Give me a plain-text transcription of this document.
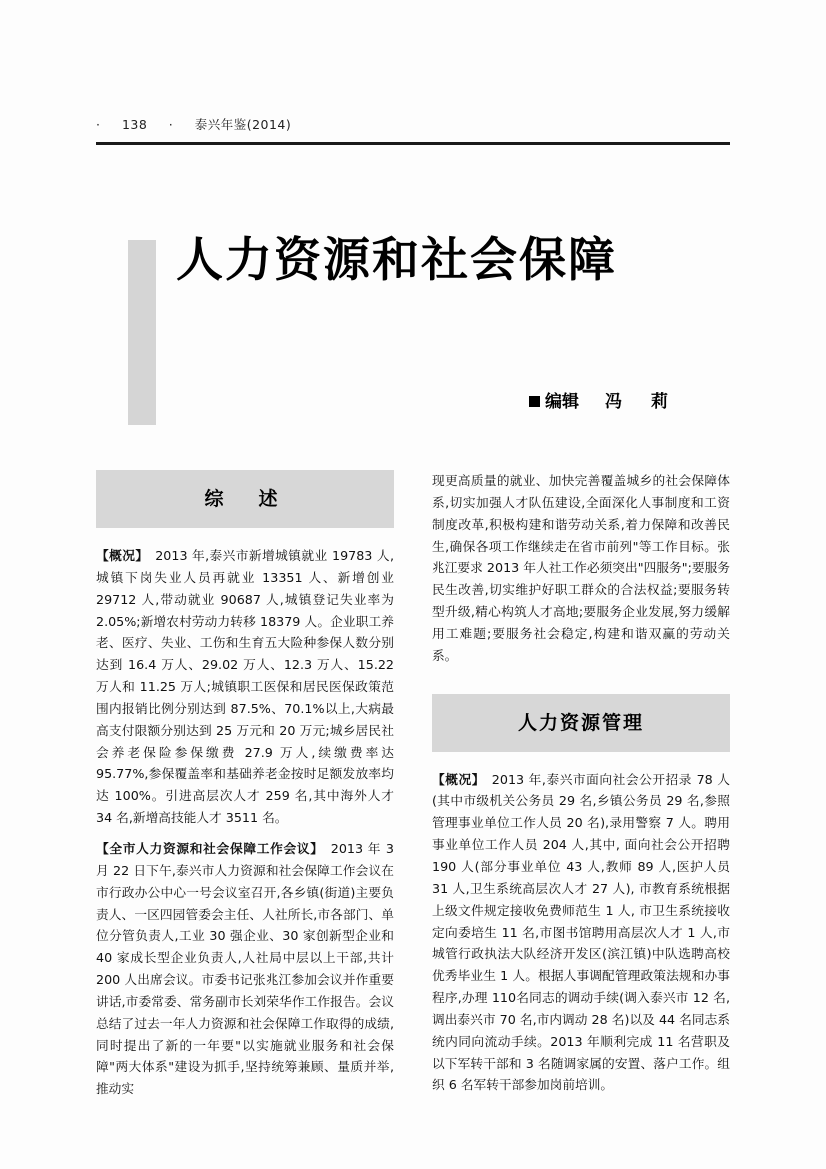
· 138 · 泰兴年鉴(2014)
人力资源和社会保障
编辑 冯　莉
综　述

【概况】　2013 年,泰兴市新增城镇就业 19783 人,城镇下岗失业人员再就业 13351 人、新增创业 29712 人,带动就业 90687 人,城镇登记失业率为 2.05%;新增农村劳动力转移 18379 人。企业职工养老、医疗、失业、工伤和生育五大险种参保人数分别达到 16.4 万人、29.02 万人、12.3 万人、15.22 万人和 11.25 万人;城镇职工医保和居民医保政策范围内报销比例分别达到 87.5%、70.1%以上,大病最高支付限额分别达到 25 万元和 20 万元;城乡居民社会养老保险参保缴费 27.9 万人,续缴费率达 95.77%,参保覆盖率和基础养老金按时足额发放率均达 100%。引进高层次人才 259 名,其中海外人才 34 名,新增高技能人才 3511 名。

【全市人力资源和社会保障工作会议】　2013 年 3 月 22 日下午,泰兴市人力资源和社会保障工作会议在市行政办公中心一号会议室召开,各乡镇(街道)主要负责人、一区四园管委会主任、人社所长,市各部门、单位分管负责人,工业 30 强企业、30 家创新型企业和 40 家成长型企业负责人,人社局中层以上干部,共计 200 人出席会议。市委书记张兆江参加会议并作重要讲话,市委常委、常务副市长刘荣华作工作报告。会议总结了过去一年人力资源和社会保障工作取得的成绩,同时提出了新的一年要"以实施就业服务和社会保障"两大体系"建设为抓手,坚持统筹兼顾、量质并举,推动实

现更高质量的就业、加快完善覆盖城乡的社会保障体系,切实加强人才队伍建设,全面深化人事制度和工资制度改革,积极构建和谐劳动关系,着力保障和改善民生,确保各项工作继续走在省市前列"等工作目标。张兆江要求 2013 年人社工作必须突出"四服务";要服务民生改善,切实维护好职工群众的合法权益;要服务转型升级,精心构筑人才高地;要服务企业发展,努力缓解用工难题;要服务社会稳定,构建和谐双赢的劳动关系。

人力资源管理

【概况】　2013 年,泰兴市面向社会公开招录 78 人(其中市级机关公务员 29 名,乡镇公务员 29 名,参照管理事业单位工作人员 20 名),录用警察 7 人。聘用事业单位工作人员 204 人,其中, 面向社会公开招聘 190 人(部分事业单位 43 人,教师 89 人,医护人员 31 人,卫生系统高层次人才 27 人), 市教育系统根据上级文件规定接收免费师范生 1 人, 市卫生系统接收定向委培生 11 名,市图书馆聘用高层次人才 1 人,市城管行政执法大队经济开发区(滨江镇)中队选聘高校优秀毕业生 1 人。根据人事调配管理政策法规和办事程序,办理 110名同志的调动手续(调入泰兴市 12 名,调出泰兴市 70 名,市内调动 28 名)以及 44 名同志系统内同向流动手续。2013 年顺利完成 11 名营职及以下军转干部和 3 名随调家属的安置、落户工作。组织 6 名军转干部参加岗前培训。
